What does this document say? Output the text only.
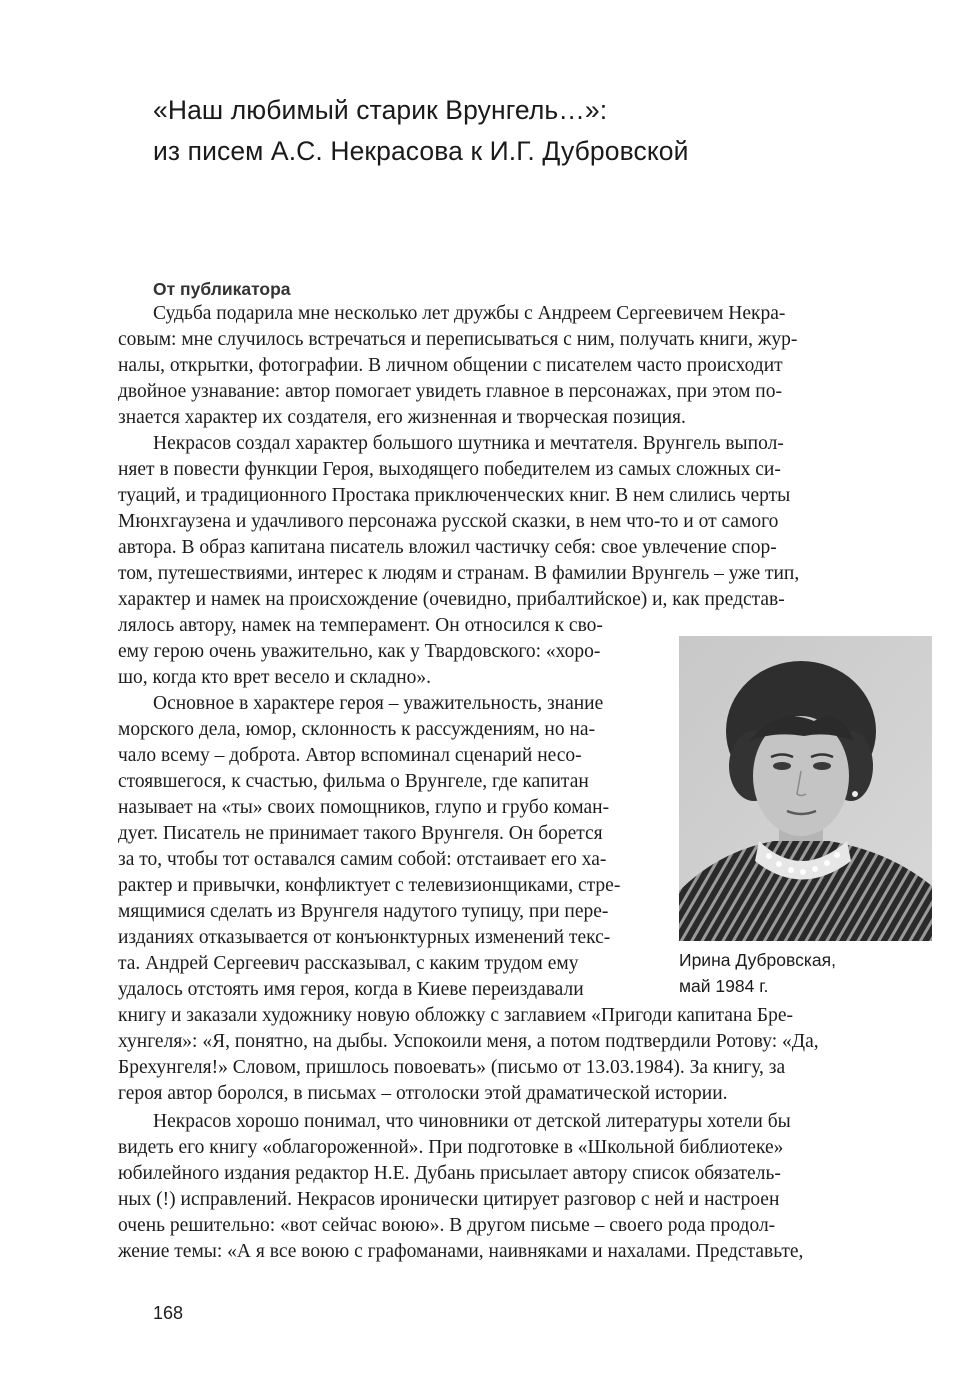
«Наш любимый старик Врунгель…»:
из писем А.С. Некрасова к И.Г. Дубровской
От публикатора
Судьба подарила мне несколько лет дружбы с Андреем Сергеевичем Некра-
совым: мне случилось встречаться и переписываться с ним, получать книги, жур-
налы, открытки, фотографии. В личном общении с писателем часто происходит
двойное узнавание: автор помогает увидеть главное в персонажах, при этом по-
знается характер их создателя, его жизненная и творческая позиция.
Некрасов создал характер большого шутника и мечтателя. Врунгель выпол-
няет в повести функции Героя, выходящего победителем из самых сложных си-
туаций, и традиционного Простака приключенческих книг. В нем слились черты
Мюнхгаузена и удачливого персонажа русской сказки, в нем что-то и от самого
автора. В образ капитана писатель вложил частичку себя: свое увлечение спор-
том, путешествиями, интерес к людям и странам. В фамилии Врунгель – уже тип,
характер и намек на происхождение (очевидно, прибалтийское) и, как представ-
лялось автору, намек на темперамент. Он относился к сво-
ему герою очень уважительно, как у Твардовского: «хоро-
шо, когда кто врет весело и складно».
Основное в характере героя – уважительность, знание
морского дела, юмор, склонность к рассуждениям, но на-
чало всему – доброта. Автор вспоминал сценарий несо-
стоявшегося, к счастью, фильма о Врунгеле, где капитан
называет на «ты» своих помощников, глупо и грубо коман-
дует. Писатель не принимает такого Врунгеля. Он борется
за то, чтобы тот оставался самим собой: отстаивает его ха-
рактер и привычки, конфликтует с телевизионщиками, стре-
мящимися сделать из Врунгеля надутого тупицу, при пере-
изданиях отказывается от конъюнктурных изменений текс-
та. Андрей Сергеевич рассказывал, с каким трудом ему
удалось отстоять имя героя, когда в Киеве переиздавали
книгу и заказали художнику новую обложку с заглавием «Пригоди капитана Бре-
хунгеля»: «Я, понятно, на дыбы. Успокоили меня, а потом подтвердили Ротову: «Да,
Брехунгеля!» Словом, пришлось повоевать» (письмо от 13.03.1984). За книгу, за
героя автор боролся, в письмах – отголоски этой драматической истории.
Некрасов хорошо понимал, что чиновники от детской литературы хотели бы
видеть его книгу «облагороженной». При подготовке в «Школьной библиотеке»
юбилейного издания редактор Н.Е. Дубань присылает автору список обязатель-
ных (!) исправлений. Некрасов иронически цитирует разговор с ней и настроен
очень решительно: «вот сейчас воюю». В другом письме – своего рода продол-
жение темы: «А я все воюю с графоманами, наивняками и нахалами. Представьте,
Ирина Дубровская,
май 1984 г.
168
